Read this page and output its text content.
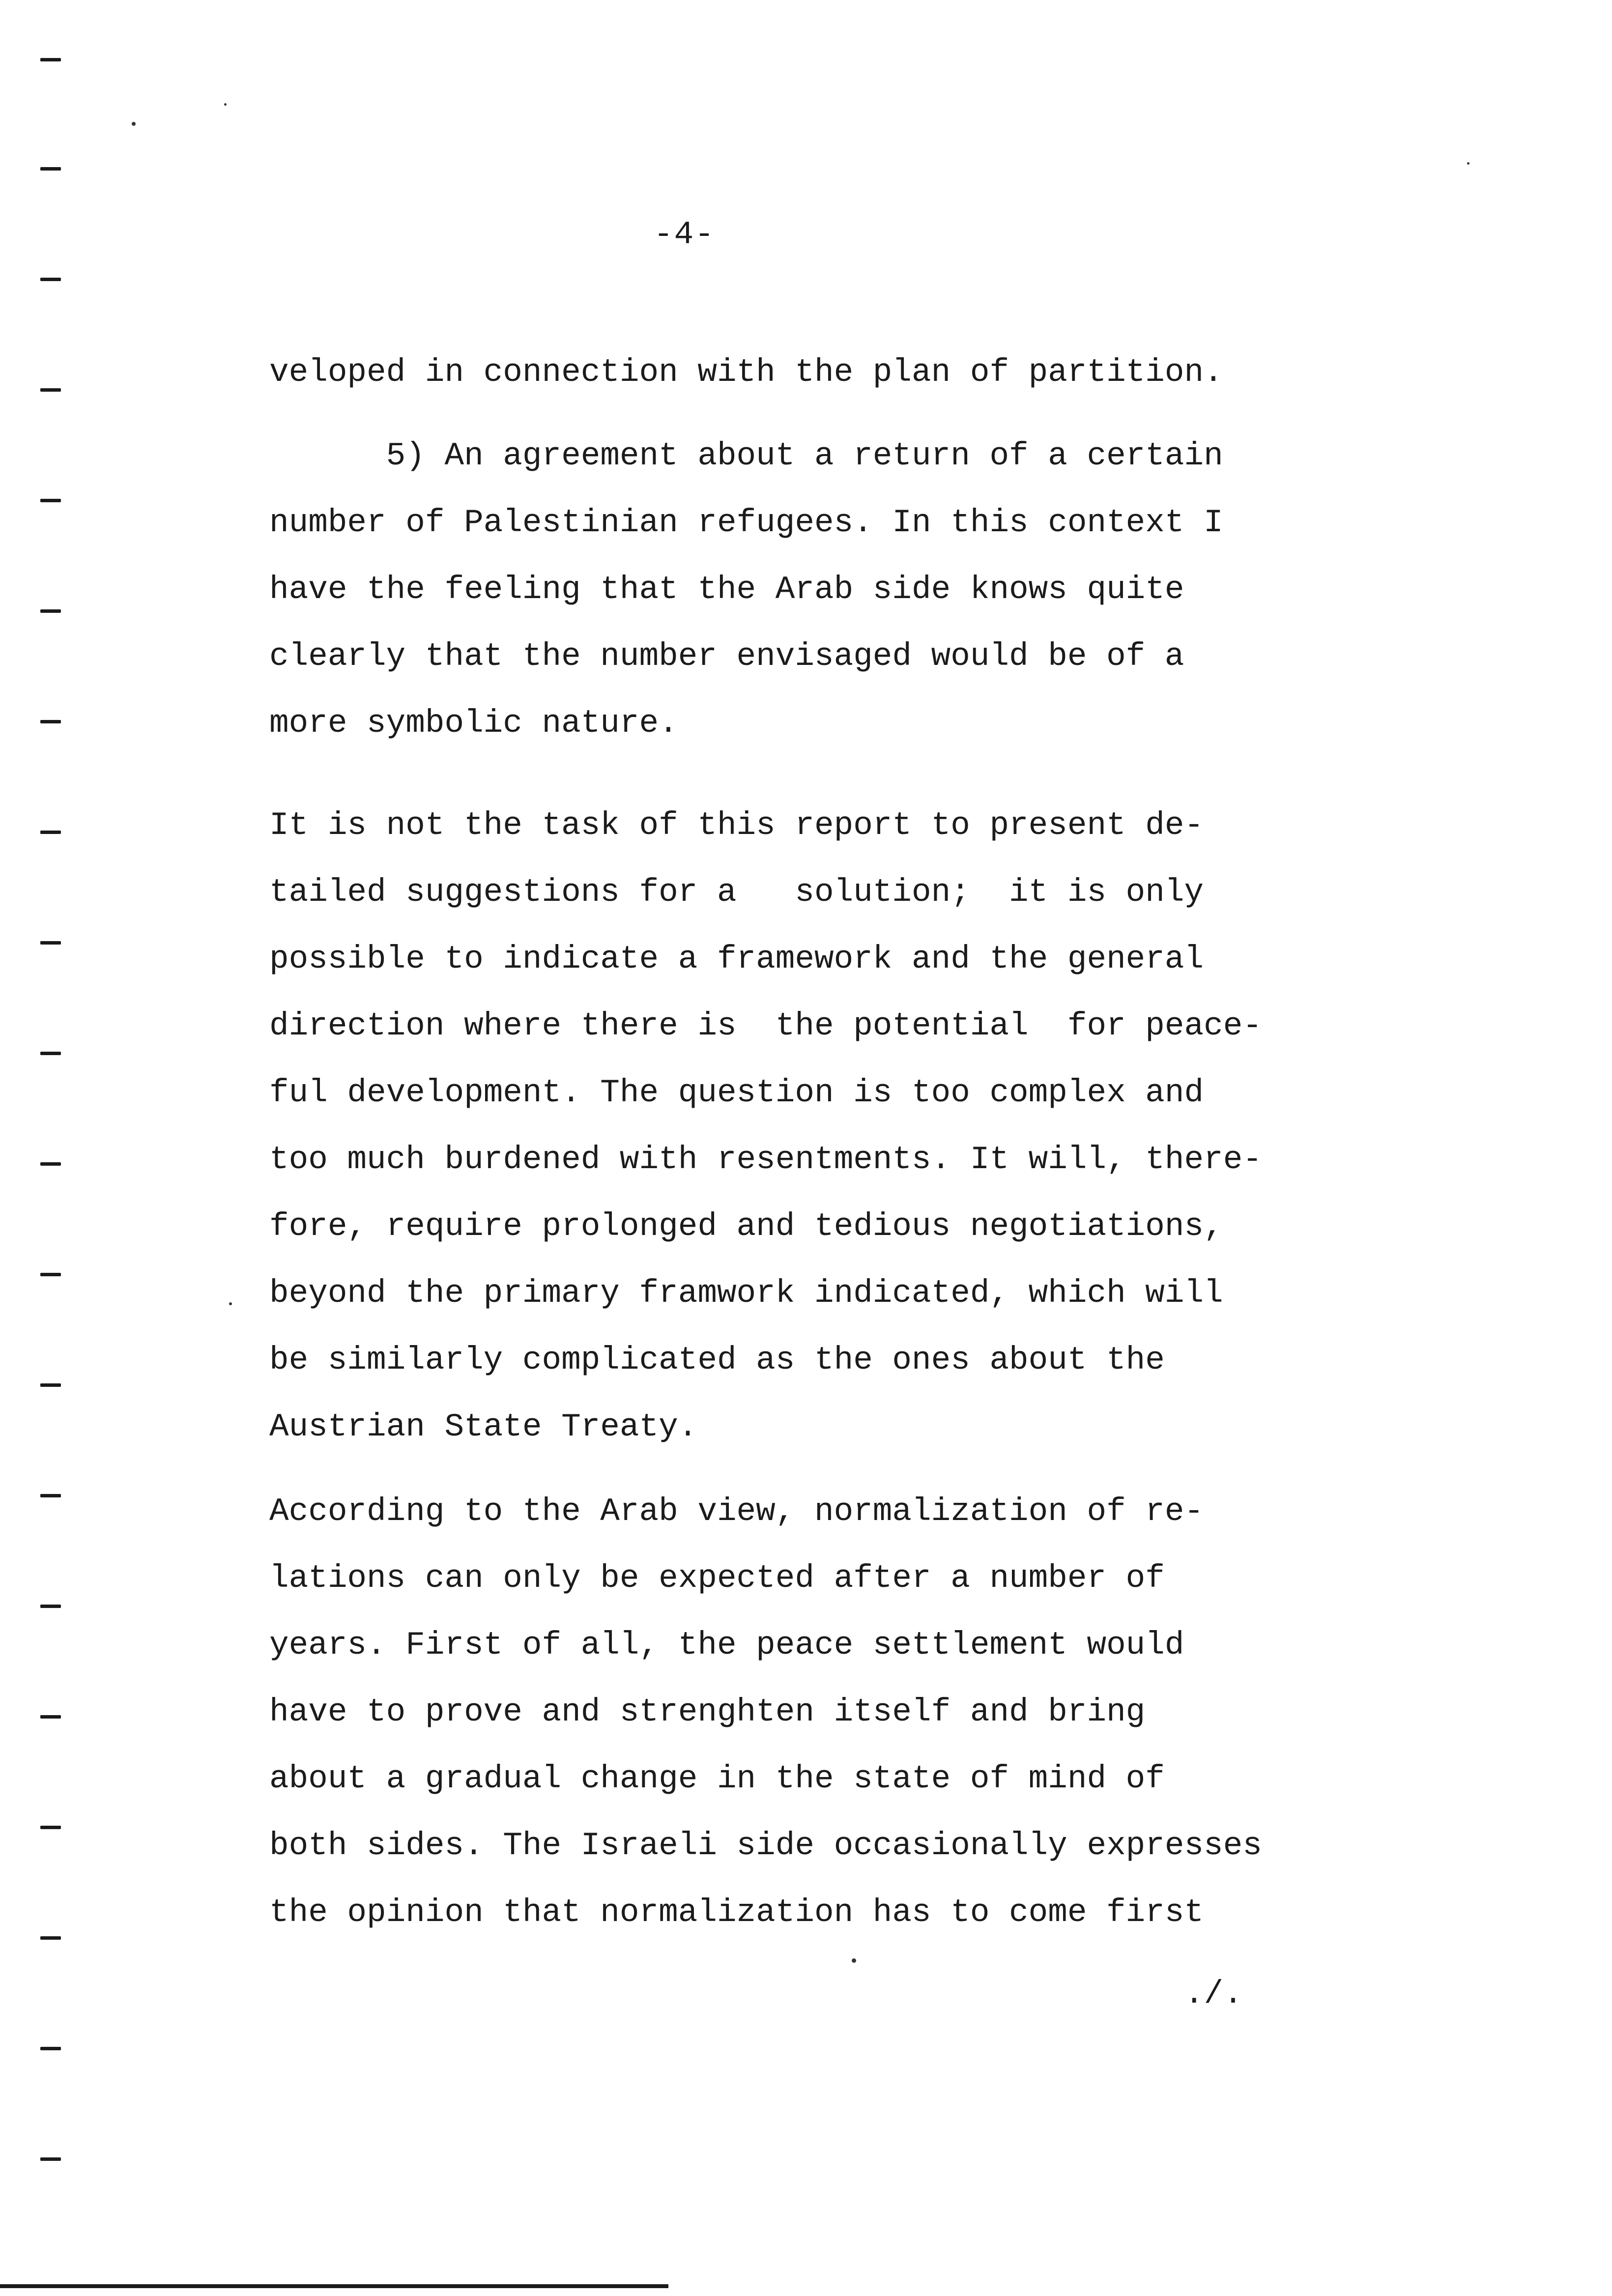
-4-
veloped in connection with the plan of partition.
5) An agreement about a return of a certain
number of Palestinian refugees. In this context I
have the feeling that the Arab side knows quite
clearly that the number envisaged would be of a
more symbolic nature.
It is not the task of this report to present de-
tailed suggestions for a   solution;  it is only
possible to indicate a framework and the general
direction where there is  the potential  for peace-
ful development. The question is too complex and
too much burdened with resentments. It will, there-
fore, require prolonged and tedious negotiations,
beyond the primary framwork indicated, which will
be similarly complicated as the ones about the
Austrian State Treaty.
According to the Arab view, normalization of re-
lations can only be expected after a number of
years. First of all, the peace settlement would
have to prove and strenghten itself and bring
about a gradual change in the state of mind of
both sides. The Israeli side occasionally expresses
the opinion that normalization has to come first
./.
